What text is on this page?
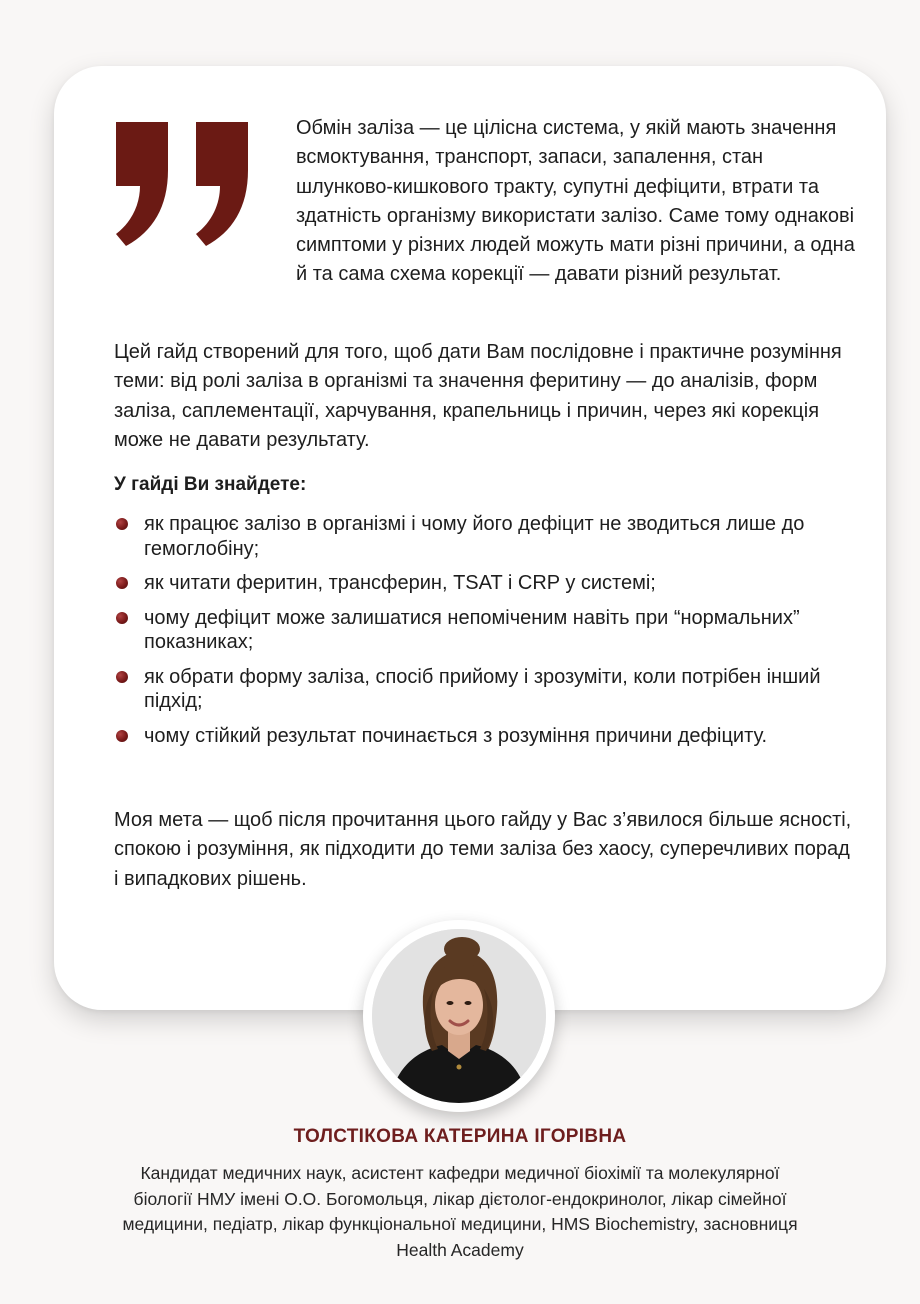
Обмін заліза — це цілісна система, у якій мають значення всмоктування, транспорт, запаси, запалення, стан шлунково-кишкового тракту, супутні дефіцити, втрати та здатність організму використати залізо. Саме тому однакові симптоми у різних людей можуть мати різні причини, а одна й та сама схема корекції — давати різний результат.

Цей гайд створений для того, щоб дати Вам послідовне і практичне розуміння теми: від ролі заліза в організмі та значення феритину — до аналізів, форм заліза, саплементації, харчування, крапельниць і причин, через які корекція може не давати результату.

У гайді Ви знайдете:
як працює залізо в організмі і чому його дефіцит не зводиться лише до гемоглобіну;
як читати феритин, трансферин, TSAT і CRP у системі;
чому дефіцит може залишатися непоміченим навіть при “нормальних” показниках;
як обрати форму заліза, спосіб прийому і зрозуміти, коли потрібен інший підхід;
чому стійкий результат починається з розуміння причини дефіциту.

Моя мета — щоб після прочитання цього гайду у Вас з’явилося більше ясності, спокою і розуміння, як підходити до теми заліза без хаосу, суперечливих порад і випадкових рішень.

ТОЛСТІКОВА КАТЕРИНА ІГОРІВНА

Кандидат медичних наук, асистент кафедри медичної біохімії та молекулярної біології НМУ імені О.О. Богомольця, лікар дієтолог-ендокринолог, лікар сімейної медицини, педіатр, лікар функціональної медицини, HMS Biochemistry, засновниця Health Academy
